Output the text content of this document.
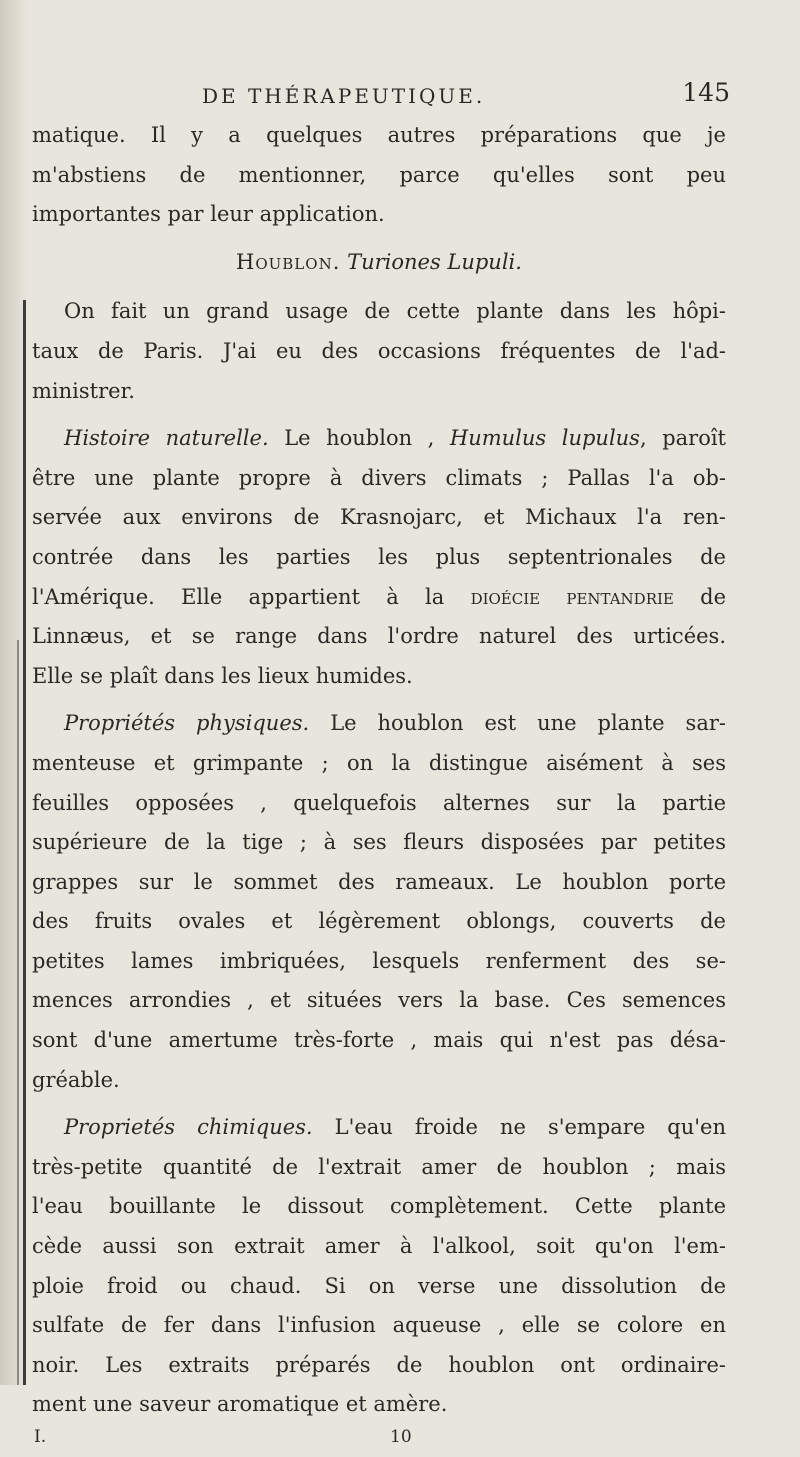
DE THÉRAPEUTIQUE.	145
matique. Il y a quelques autres préparations que je
m'abstiens de mentionner, parce qu'elles sont peu
importantes par leur application.
Houblon. Turiones Lupuli.
On fait un grand usage de cette plante dans les hôpi-
taux de Paris. J'ai eu des occasions fréquentes de l'ad-
ministrer.
Histoire naturelle. Le houblon , Humulus lupulus, paroît
être une plante propre à divers climats ; Pallas l'a ob-
servée aux environs de Krasnojarc, et Michaux l'a ren-
contrée dans les parties les plus septentrionales de
l'Amérique. Elle appartient à la dioécie pentandrie de
Linnæus, et se range dans l'ordre naturel des urticées.
Elle se plaît dans les lieux humides.
Propriétés physiques. Le houblon est une plante sar-
menteuse et grimpante ; on la distingue aisément à ses
feuilles opposées , quelquefois alternes sur la partie
supérieure de la tige ; à ses fleurs disposées par petites
grappes sur le sommet des rameaux. Le houblon porte
des fruits ovales et légèrement oblongs, couverts de
petites lames imbriquées, lesquels renferment des se-
mences arrondies , et situées vers la base. Ces semences
sont d'une amertume très-forte , mais qui n'est pas désa-
gréable.
Proprietés chimiques. L'eau froide ne s'empare qu'en
très-petite quantité de l'extrait amer de houblon ; mais
l'eau bouillante le dissout complètement. Cette plante
cède aussi son extrait amer à l'alkool, soit qu'on l'em-
ploie froid ou chaud. Si on verse une dissolution de
sulfate de fer dans l'infusion aqueuse , elle se colore en
noir. Les extraits préparés de houblon ont ordinaire-
ment une saveur aromatique et amère.
I.	10
